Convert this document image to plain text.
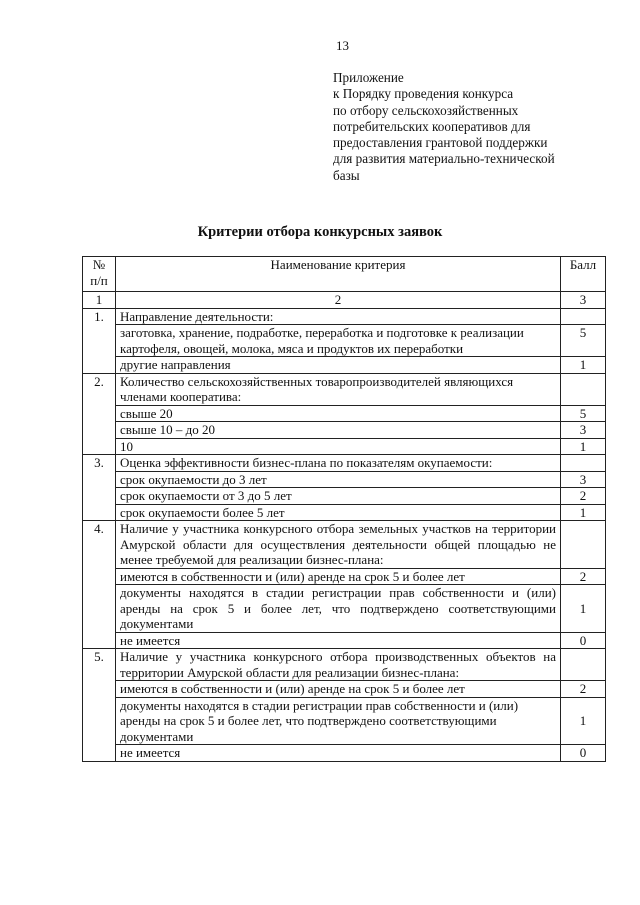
13
Приложение
к Порядку проведения конкурса
по отбору сельскохозяйственных
потребительских кооперативов для
предоставления грантовой поддержки
для развития материально-технической
базы
Критерии отбора конкурсных заявок
№ п/п	Наименование критерия	Балл
1	2	3
1.	Направление деятельности:	
	заготовка, хранение, подработке, переработка и подготовке к реализации картофеля, овощей, молока, мяса и продуктов их переработки	5
	другие направления	1
2.	Количество сельскохозяйственных товаропроизводителей являющихся членами кооператива:	
	свыше 20	5
	свыше 10 – до 20	3
	10	1
3.	Оценка эффективности бизнес-плана по показателям окупаемости:	
	срок окупаемости до 3 лет	3
	срок окупаемости от 3 до 5 лет	2
	срок окупаемости более 5 лет	1
4.	Наличие у участника конкурсного отбора земельных участков на территории Амурской области для осуществления деятельности общей площадью не менее требуемой для реализации бизнес-плана:	
	имеются в собственности и (или) аренде на срок 5 и более лет	2
	документы находятся в стадии регистрации прав собственности и (или) аренды на срок 5 и более лет, что подтверждено соответствующими документами	1
	не имеется	0
5.	Наличие у участника конкурсного отбора производственных объектов на территории Амурской области для реализации бизнес-плана:	
	имеются в собственности и (или) аренде на срок 5 и более лет	2
	документы находятся в стадии регистрации прав собственности и (или) аренды на срок 5 и более лет, что подтверждено соответствующими документами	1
	не имеется	0
